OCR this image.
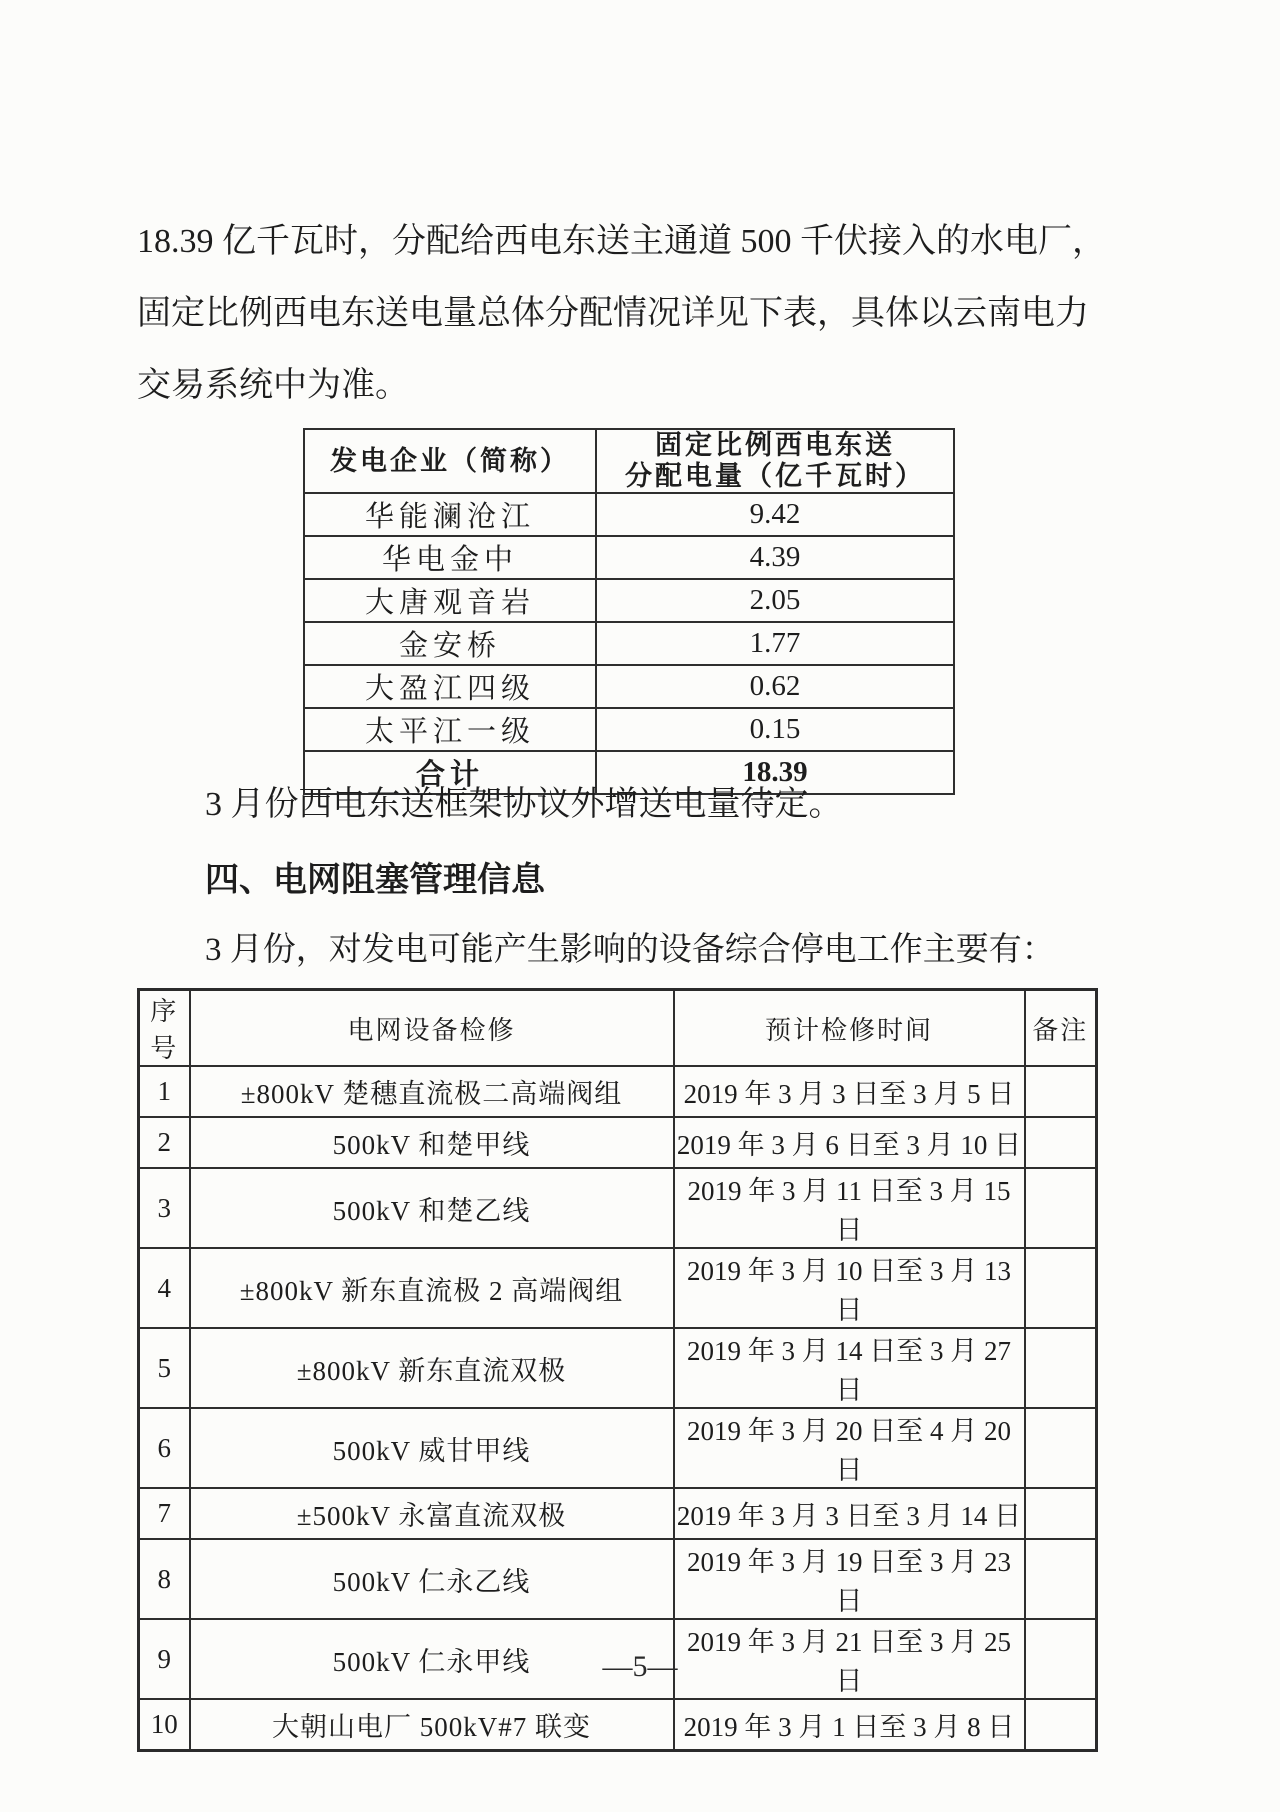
18.39 亿千瓦时，分配给西电东送主通道 500 千伏接入的水电厂，
固定比例西电东送电量总体分配情况详见下表，具体以云南电力
交易系统中为准。
发电企业（简称）	固定比例西电东送
分配电量（亿千瓦时）
华能澜沧江	9.42
华电金中	4.39
大唐观音岩	2.05
金安桥	1.77
大盈江四级	0.62
太平江一级	0.15
合计	18.39
3 月份西电东送框架协议外增送电量待定。
四、电网阻塞管理信息
3 月份，对发电可能产生影响的设备综合停电工作主要有：
序号	电网设备检修	预计检修时间	备注
1	±800kV 楚穗直流极二高端阀组	2019 年 3 月 3 日至 3 月 5 日	
2	500kV 和楚甲线	2019 年 3 月 6 日至 3 月 10 日	
3	500kV 和楚乙线	2019 年 3 月 11 日至 3 月 15 日	
4	±800kV 新东直流极 2 高端阀组	2019 年 3 月 10 日至 3 月 13 日	
5	±800kV 新东直流双极	2019 年 3 月 14 日至 3 月 27 日	
6	500kV 威甘甲线	2019 年 3 月 20 日至 4 月 20 日	
7	±500kV 永富直流双极	2019 年 3 月 3 日至 3 月 14 日	
8	500kV 仁永乙线	2019 年 3 月 19 日至 3 月 23 日	
9	500kV 仁永甲线	2019 年 3 月 21 日至 3 月 25 日	
10	大朝山电厂 500kV#7 联变	2019 年 3 月 1 日至 3 月 8 日	
—5—
